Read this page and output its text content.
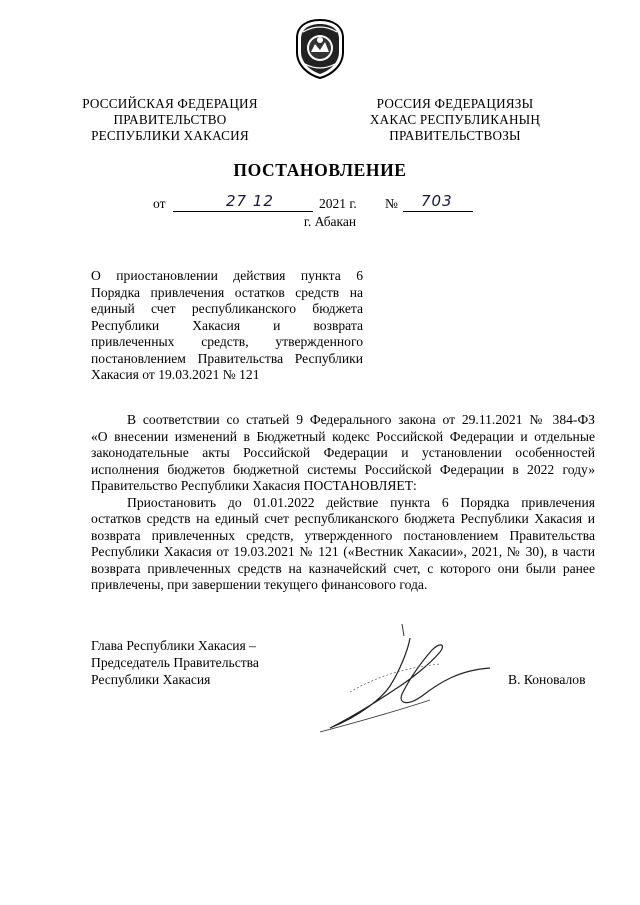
РОССИЙСКАЯ ФЕДЕРАЦИЯ
ПРАВИТЕЛЬСТВО
РЕСПУБЛИКИ ХАКАСИЯ
РОССИЯ ФЕДЕРАЦИЯЗЫ
ХАКАС РЕСПУБЛИКАНЫҢ
ПРАВИТЕЛЬСТВОЗЫ
ПОСТАНОВЛЕНИЕ
от	27 12	2021 г. № 703
г. Абакан
О приостановлении действия пункта 6
Порядка привлечения остатков средств на
единый счет республиканского бюджета
Республики Хакасия и возврата
привлеченных средств, утвержденного
постановлением Правительства Республики
Хакасия от 19.03.2021 № 121
В соответствии со статьей 9 Федерального закона от 29.11.2021 № 384-ФЗ
«О внесении изменений в Бюджетный кодекс Российской Федерации и отдельные
законодательные акты Российской Федерации и установлении особенностей
исполнения бюджетов бюджетной системы Российской Федерации в 2022 году»
Правительство Республики Хакасия ПОСТАНОВЛЯЕТ:
Приостановить до 01.01.2022 действие пункта 6 Порядка привлечения
остатков средств на единый счет республиканского бюджета Республики Хакасия и
возврата привлеченных средств, утвержденного постановлением Правительства
Республики Хакасия от 19.03.2021 № 121 («Вестник Хакасии», 2021, № 30), в части
возврата привлеченных средств на казначейский счет, с которого они были ранее
привлечены, при завершении текущего финансового года.
Глава Республики Хакасия –
Председатель Правительства
Республики Хакасия	В. Коновалов
